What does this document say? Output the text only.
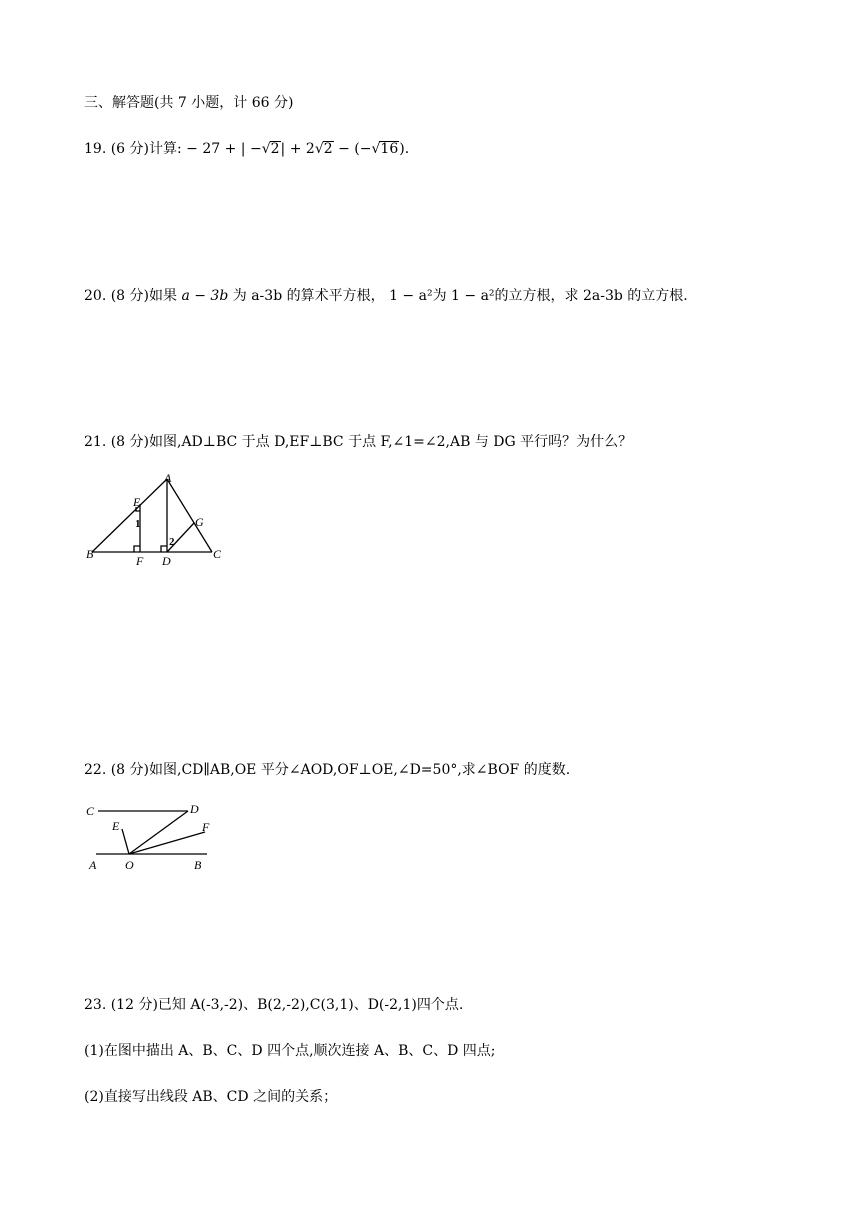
三、解答题(共 7 小题，计 66 分)
19. (6 分)计算: − 27 + | −√2| + 2√2 − (−√16).
20. (8 分)如果 a − 3b 为 a-3b 的算术平方根， 1 − a²为 1 − a²的立方根，求 2a-3b 的立方根.
21. (8 分)如图,AD⊥BC 于点 D,EF⊥BC 于点 F,∠1=∠2,AB 与 DG 平行吗？为什么？
A
B	C
D
E
F
G
1
2
22. (8 分)如图,CD∥AB,OE 平分∠AOD,OF⊥OE,∠D=50°,求∠BOF 的度数.
C	D
E	F
A O	B
23. (12 分)已知 A(-3,-2)、B(2,-2),C(3,1)、D(-2,1)四个点.
(1)在图中描出 A、B、C、D 四个点,顺次连接 A、B、C、D 四点;
(2)直接写出线段 AB、CD 之间的关系；
